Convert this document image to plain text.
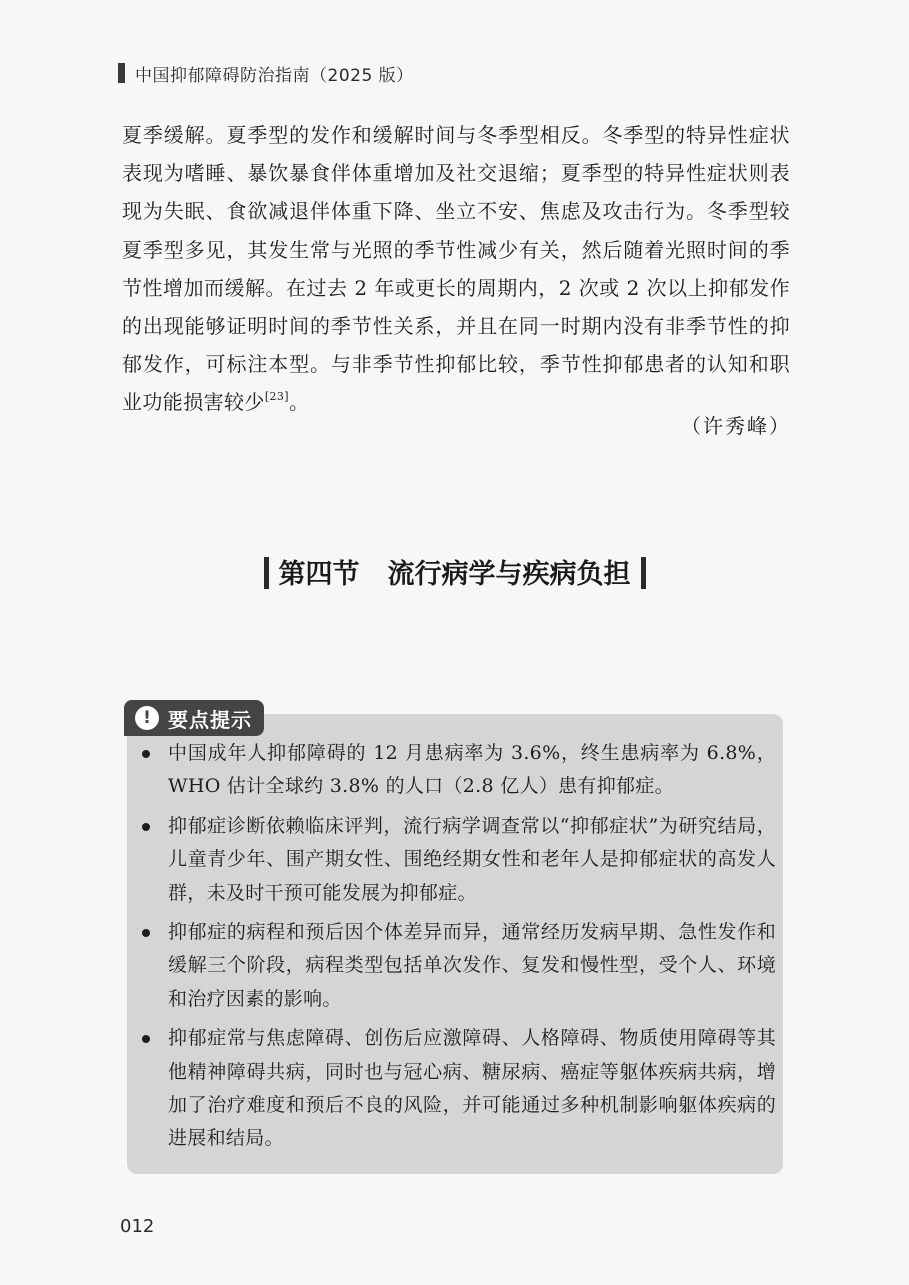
中国抑郁障碍防治指南（2025 版）
夏季缓解。夏季型的发作和缓解时间与冬季型相反。冬季型的特异性症状表现为嗜睡、暴饮暴食伴体重增加及社交退缩；夏季型的特异性症状则表现为失眠、食欲减退伴体重下降、坐立不安、焦虑及攻击行为。冬季型较夏季型多见，其发生常与光照的季节性减少有关，然后随着光照时间的季节性增加而缓解。在过去 2 年或更长的周期内，2 次或 2 次以上抑郁发作的出现能够证明时间的季节性关系，并且在同一时期内没有非季节性的抑郁发作，可标注本型。与非季节性抑郁比较，季节性抑郁患者的认知和职业功能损害较少[23]。
（许秀峰）
第四节 流行病学与疾病负担
! 要点提示
中国成年人抑郁障碍的 12 月患病率为 3.6%，终生患病率为 6.8%，WHO 估计全球约 3.8% 的人口（2.8 亿人）患有抑郁症。
抑郁症诊断依赖临床评判，流行病学调查常以“抑郁症状”为研究结局，儿童青少年、围产期女性、围绝经期女性和老年人是抑郁症状的高发人群，未及时干预可能发展为抑郁症。
抑郁症的病程和预后因个体差异而异，通常经历发病早期、急性发作和缓解三个阶段，病程类型包括单次发作、复发和慢性型，受个人、环境和治疗因素的影响。
抑郁症常与焦虑障碍、创伤后应激障碍、人格障碍、物质使用障碍等其他精神障碍共病，同时也与冠心病、糖尿病、癌症等躯体疾病共病，增加了治疗难度和预后不良的风险，并可能通过多种机制影响躯体疾病的进展和结局。
012
